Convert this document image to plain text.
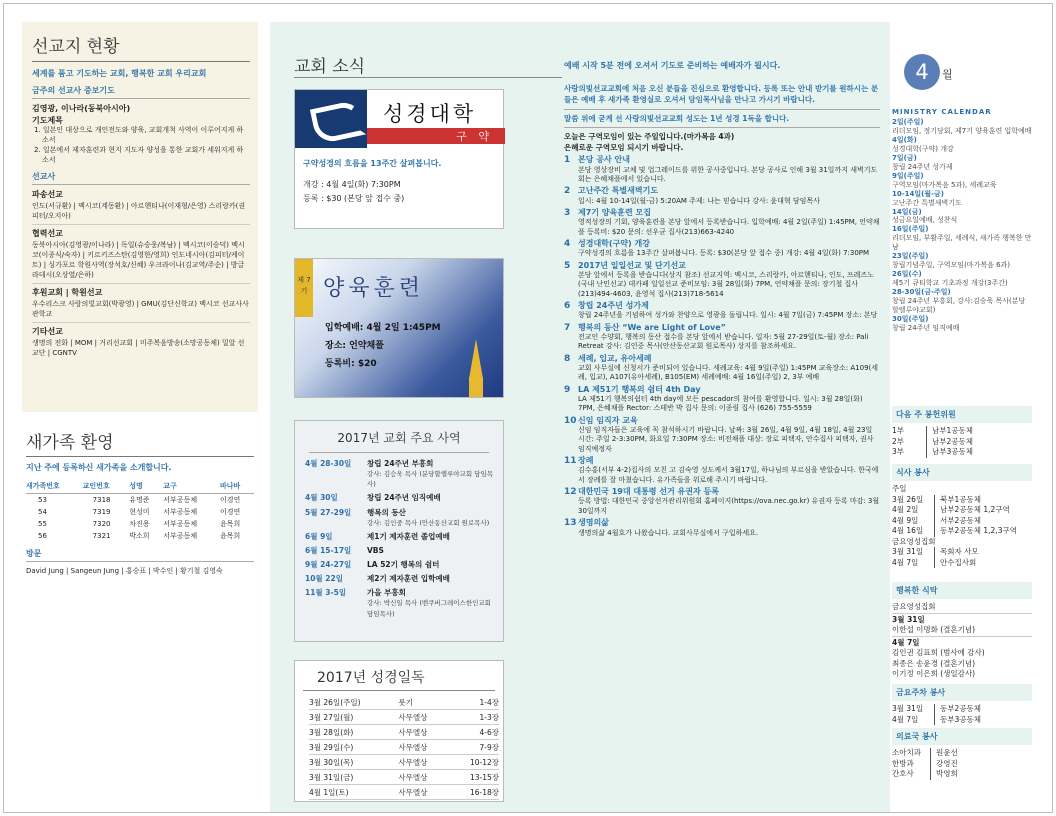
선교지 현황
세계를 품고 기도하는 교회, 행복한 교회 우리교회
금주의 선교사 중보기도
김영광, 이나라(동북아시아)
기도제목
1. 일본인 대상으로 개인전도와 양육, 교회개척 사역이 이루어지게 하소서
2. 일본에서 제자훈련과 현지 지도자 양성을 통한 교회가 세워지게 하소서
선교사
파송선교
인도(서규환) | 멕시코(계동환) | 아르헨티나(이재형/은영) 스리랑카(권피터/오지아)
협력선교
동북아시아(김영광/이나라) | 독일(슈승웅/복남) | 멕시코(이승덕) 멕시코(이종식/숙자) | 키르키즈스탄(김영한/영희) 인도네시아(김피터/케이트) | 싱가포르 학원사역(장석호/신혜) 우크라이나(김교역/주순) | 방글라데시(오상열/은하)
후원교회 | 학원선교
우수리스크 사랑의빛교회(박광영) | GMU(김단신학교) 멕시코 선교사사관학교
기타선교
생명의 전화 | MOM | 거리선교회 | 미주복음방송(소망공동체) 밀알 선교단 | CGNTV
새가족 환영
지난 주에 등록하신 새가족을 소개합니다.
새가족번호	교인번호	성명	교구	바나바
53	7318	유명준	서부공동체	이경연
54	7319	현성미	서부공동체	이경연
55	7320	차진용	서부공동체	윤목희
56	7321	박소희	서부공동체	윤목희
방문
David Jung | Sangeun Jung | 홍승표 | 박수인 | 황기철 김영숙
교회 소식	예배 시작 5분 전에 오셔서 기도로 준비하는 예배자가 됩시다.
성경대학
구 약
구약성경의 흐름을 13주간 살펴봅니다.
개강 : 4월 4일(화) 7:30PM
등록 : $30 (본당 앞 접수 중)
제 7 기 양육훈련
입학예배: 4월 2일 1:45PM
장소: 언약채플
등록비: $20
2017년 교회 주요 사역
4월 28-30일	창립 24주년 부흥회
강사: 김승욱 목사 (분당할렐루야교회 담임목사)
4월 30일	창립 24주년 임직예배
5월 27-29일	행복의 동산
강사: 김인중 목사 (안산동산교회 원로목사)
6월 9일	제1기 제자훈련 졸업예배
6월 15-17일	VBS
9월 24-27일	LA 52기 행복의 쉼터
10월 22일	제2기 제자훈련 입학예배
11월 3-5일	가을 부흥회
강사: 박신일 목사 (밴쿠버그레이스한인교회 담임목사)
2017년 성경일독
3월 26일(주일)	룻기	1-4장
3월 27일(월)	사무엘상	1-3장
3월 28일(화)	사무엘상	4-6장
3월 29일(수)	사무엘상	7-9장
3월 30일(목)	사무엘상	10-12장
3월 31일(금)	사무엘상	13-15장
4월 1일(토)	사무엘상	16-18장
사랑의빛선교교회에 처음 오신 분들을 진심으로 환영합니다. 등록 또는 안내 받기를 원하시는 분들은 예배 후 새가족 환영실로 오셔서 담임목사님을 만나고 가시기 바랍니다.
말씀 위에 굳게 선 사랑의빛선교교회 성도는 1년 성경 1독을 합니다.
오늘은 구역모임이 있는 주일입니다.(마가복음 4과)
은혜로운 구역모임 되시기 바랍니다.
1 본당 공사 안내
본당 영상장비 교체 및 업그레이드를 위한 공사중입니다. 본당 공사로 인해 3월 31일까지 새벽기도회는 은혜채플에서 있습니다.
2 고난주간 특별새벽기도
일시: 4월 10-14일(월-금) 5:20AM 주제: 나는 믿습니다 강사: 윤대혁 담임목사
3 제7기 양육훈련 모집
영적성장의 기회, 양육훈련을 본당 앞에서 등록받습니다. 입학예배: 4월 2일(주일) 1:45PM, 언약채플 등록비: $20 문의: 선우균 집사(213)663-4240
4 성경대학(구약) 개강
구약성경의 흐름을 13주간 살펴봅니다. 등록: $30(본당 앞 접수 중) 개강: 4월 4일(화) 7:30PM
5 2017년 일일선교 및 단기선교
본당 앞에서 등록을 받습니다(상지 참조) 선교지역: 멕시코, 스리랑카, 아르헨티나, 인도, 프레즈노(국내 난민선교) 데카페 일일선교 준비모임: 3월 28일(화) 7PM, 언약채플 문의: 장기철 집사(213)494-4603, 윤영석 집사(213)718-5614
6 창립 24주년 성가제
창립 24주년을 기념하여 성가와 찬양으로 영광을 돌립니다. 일시: 4월 7일(금) 7:45PM 장소: 본당
7 행복의 동산 “We are Light of Love”
전교인 수양회, 행복의 동산 접수를 본당 앞에서 받습니다. 일자: 5월 27-29일(토-월) 장소: Pali Retreat 강사: 김인중 목사(안산동산교회 원로목사) 상지를 참조하세요.
8 세례, 입교, 유아세례
교회 사무실에 신청서가 준비되어 있습니다. 세례교육: 4월 9일(주일) 1:45PM 교육장소: A109(세례, 입교), A107(유아세례), B105(EM) 세례예배: 4월 16일(주일) 2, 3부 예배
9 LA 제51기 행복의 쉼터 4th Day
LA 제51기 행복의쉼터 4th day에 모든 pescador의 참여를 환영합니다. 일시: 3월 28일(화) 7PM, 은혜채플 Rector: 스테반 박 집사 문의: 이종림 집사 (626) 755-5559
10 신임 임직자 교육
신임 임직자들은 교육에 꼭 참석하시기 바랍니다. 날짜: 3월 26일, 4월 9일, 4월 18일, 4월 23일 시간: 주일 2-3:30PM, 화요일 7:30PM 장소: 비전채플 대상: 장로 피택자, 안수집사 피택자, 권사임직예정자
11 장례
김수홍(서부 4-2)집사의 모친 고 김숙영 성도께서 3월17일, 하나님의 부르심을 받았습니다. 한국에서 장례를 잘 마쳤습니다. 유가족들을 위로해 주시기 바랍니다.
12 대한민국 19대 대통령 선거 유권자 등록
등록 방법: 대한민국 중앙선거관리위원회 홈페이지(https://ova.nec.go.kr) 유권자 등록 마감: 3월 30일까지
13 생명의삶
생명의삶 4월호가 나왔습니다. 교회사무실에서 구입하세요.
4	월
MINISTRY CALENDAR
2일(주일)
리더모임, 정기당회, 제7기 양육훈련 입학예배
4일(화)
성경대학(구약) 개강
7일(금)
창립 24주년 성가제
9일(주일)
구역모임(마가복음 5과), 세례교육
10-14일(월-금)
고난주간 특별새벽기도
14일(금)
성금요일예배, 성찬식
16일(주일)
리더모임, 부활주일, 세례식, 새가족 행복한 만남
23일(주일)
창립기념주일, 구역모임(마가복음 6과)
26일(수)
제5기 큐티학교 기초과정 개강(3주간)
28-30일(금-주일)
창립 24주년 부흥회, 강사:김승욱 목사(분당 할렐루야교회)
30일(주일)
창립 24주년 임직예배
다음 주 봉헌위원
1부	남부1공동체
2부	남부2공동체
3부	남부3공동체
식사 봉사
주일
3월 26일	북부1공동체
4월 2일	남부2공동체 1,2구역
4월 9일	서부2공동체
4월 16일	동부2공동체 1,2,3구역
금요영성집회
3월 31일	목회자 사모
4월 7일	안수집사회
행복한 식탁
금요영성집회
3월 31일
이한섭 이명화 (결혼기념)
4월 7일
김인권 김표희 (범사에 감사)
최종은 송윤경 (결혼기념)
이기정 이은희 (생일감사)
금요주차 봉사
3월 31일	동부2공동체
4월 7일	동부3공동체
의료국 봉사
소아치과	원윤선
한방과	강영진
간호사	박영희
